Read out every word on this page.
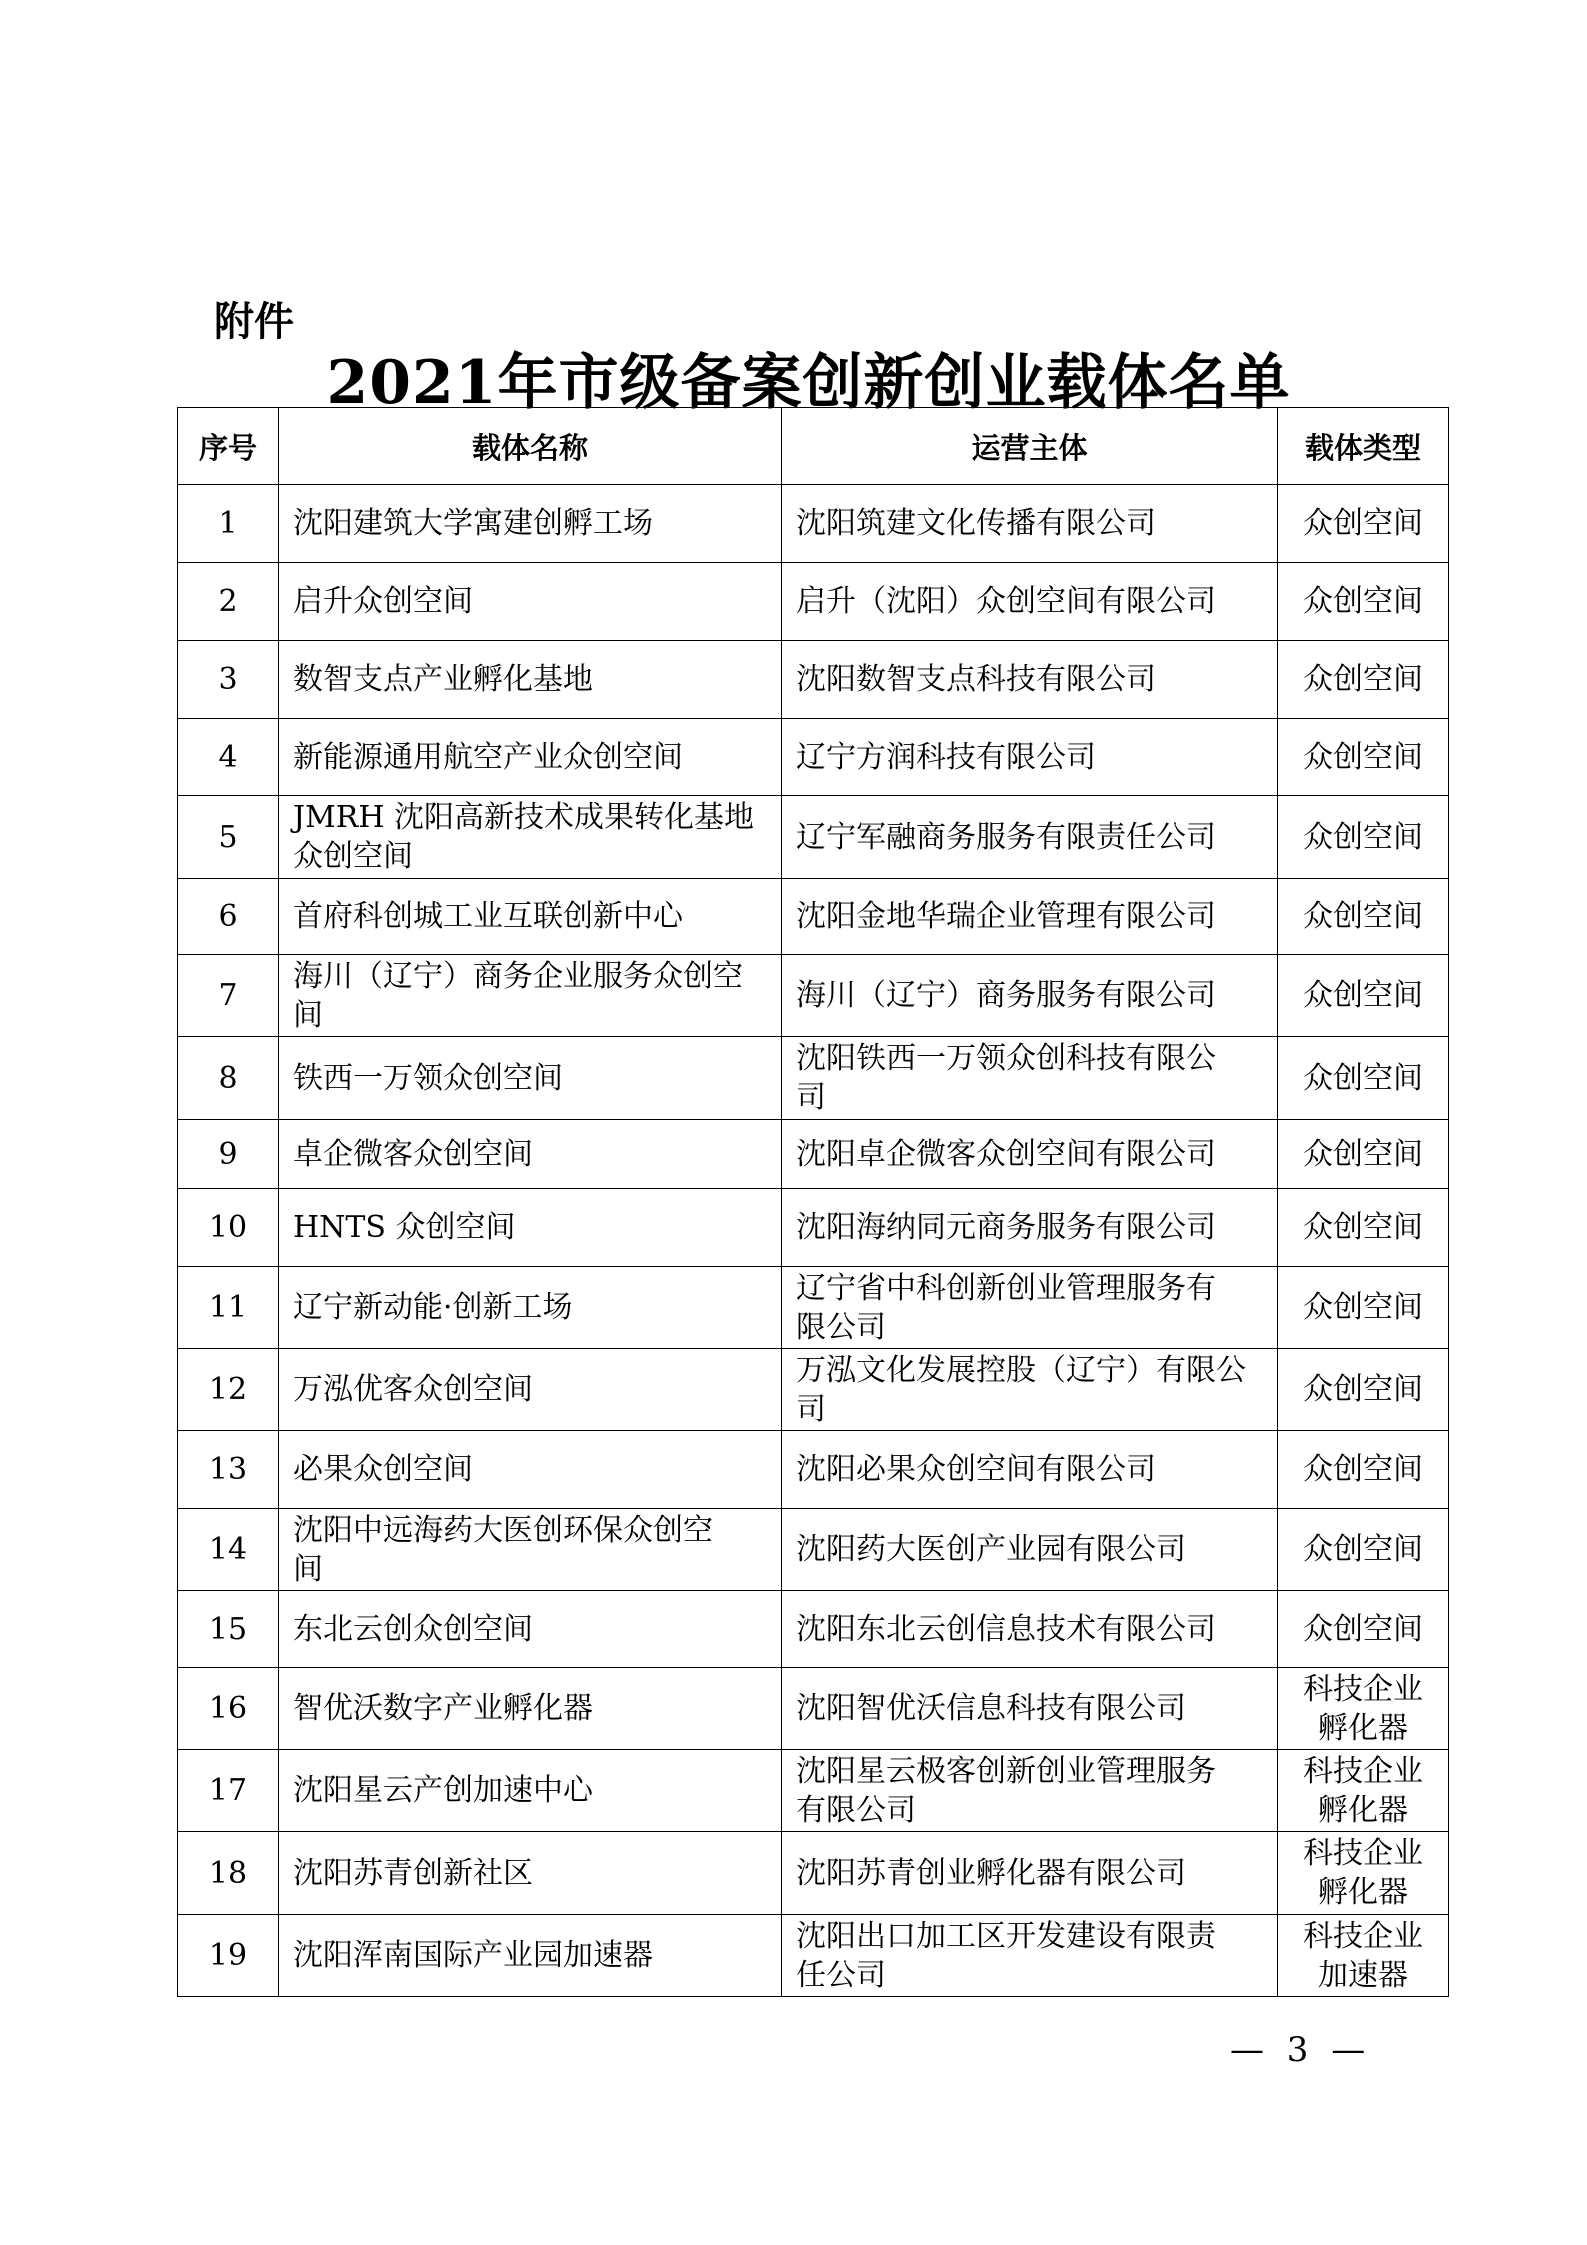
附件
2021年市级备案创新创业载体名单
序号	载体名称	运营主体	载体类型
1	沈阳建筑大学寓建创孵工场	沈阳筑建文化传播有限公司	众创空间
2	启升众创空间	启升（沈阳）众创空间有限公司	众创空间
3	数智支点产业孵化基地	沈阳数智支点科技有限公司	众创空间
4	新能源通用航空产业众创空间	辽宁方润科技有限公司	众创空间
5	JMRH 沈阳高新技术成果转化基地
众创空间	辽宁军融商务服务有限责任公司	众创空间
6	首府科创城工业互联创新中心	沈阳金地华瑞企业管理有限公司	众创空间
7	海川（辽宁）商务企业服务众创空
间	海川（辽宁）商务服务有限公司	众创空间
8	铁西一万领众创空间	沈阳铁西一万领众创科技有限公
司	众创空间
9	卓企微客众创空间	沈阳卓企微客众创空间有限公司	众创空间
10	HNTS 众创空间	沈阳海纳同元商务服务有限公司	众创空间
11	辽宁新动能·创新工场	辽宁省中科创新创业管理服务有
限公司	众创空间
12	万泓优客众创空间	万泓文化发展控股（辽宁）有限公
司	众创空间
13	必果众创空间	沈阳必果众创空间有限公司	众创空间
14	沈阳中远海药大医创环保众创空
间	沈阳药大医创产业园有限公司	众创空间
15	东北云创众创空间	沈阳东北云创信息技术有限公司	众创空间
16	智优沃数字产业孵化器	沈阳智优沃信息科技有限公司	科技企业
孵化器
17	沈阳星云产创加速中心	沈阳星云极客创新创业管理服务
有限公司	科技企业
孵化器
18	沈阳苏青创新社区	沈阳苏青创业孵化器有限公司	科技企业
孵化器
19	沈阳浑南国际产业园加速器	沈阳出口加工区开发建设有限责
任公司	科技企业
加速器
— 3 —
